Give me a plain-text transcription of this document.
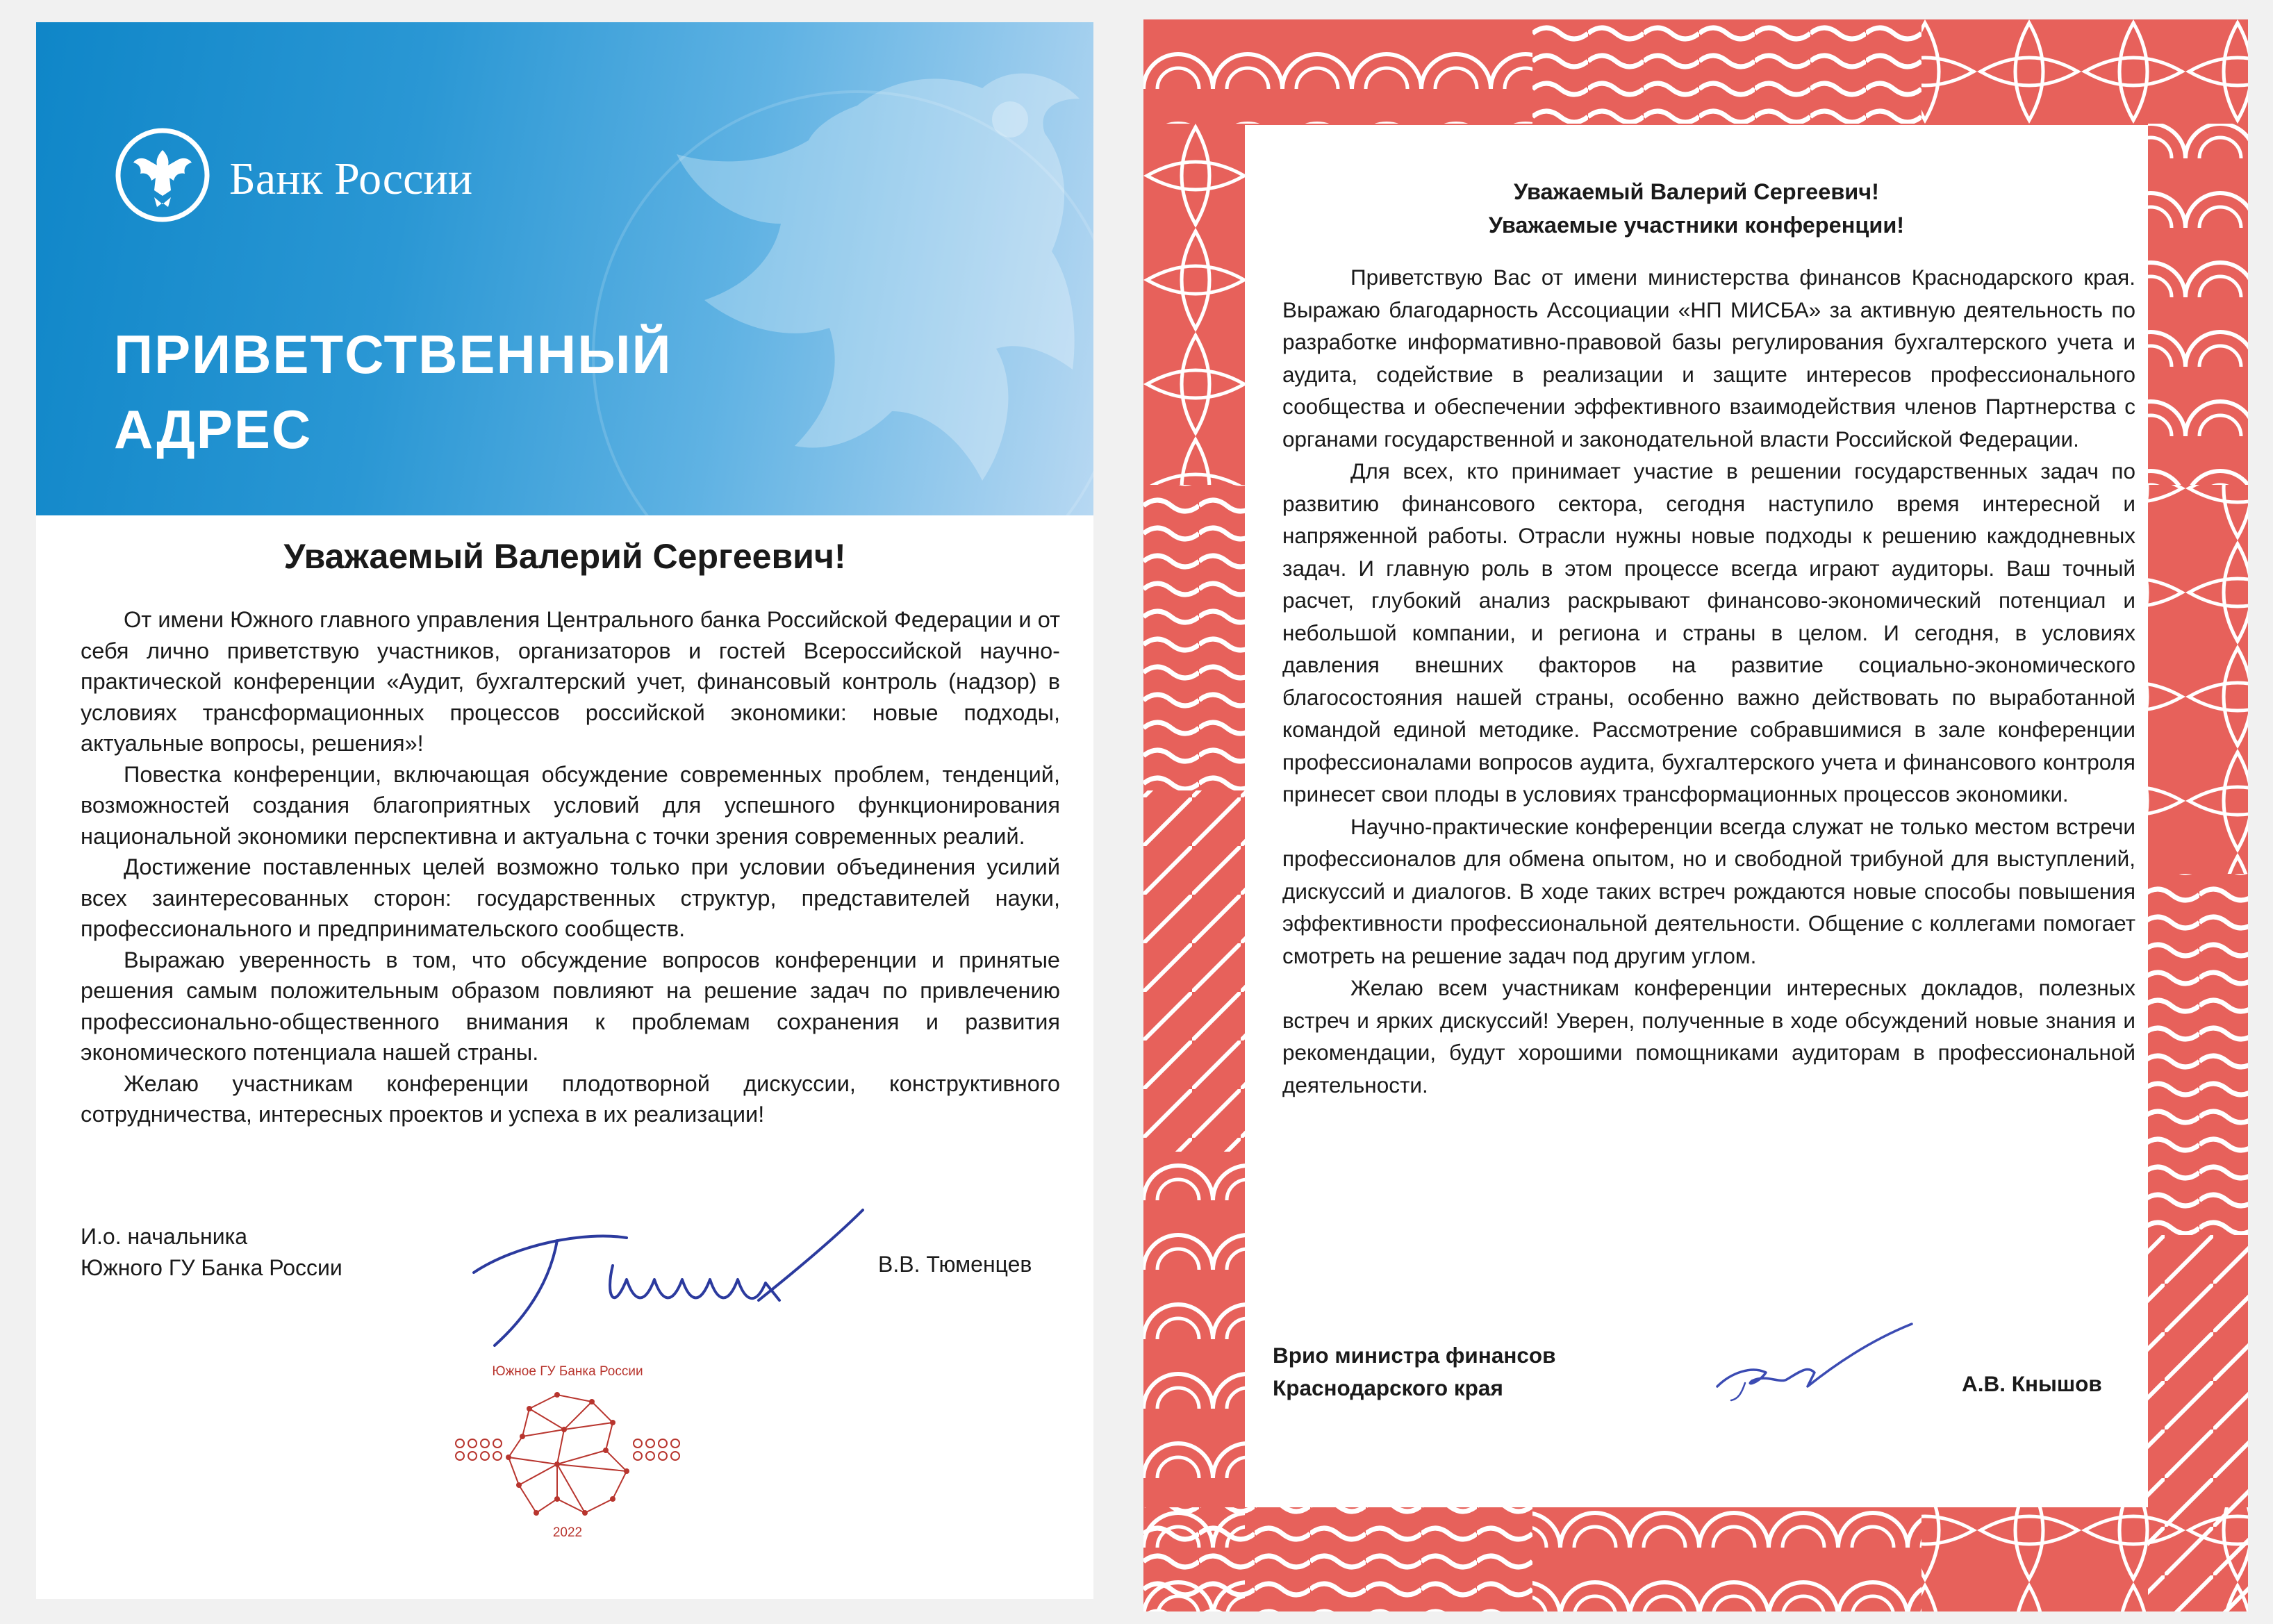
Банк России
ПРИВЕТСТВЕННЫЙ
АДРЕС
Уважаемый Валерий Сергеевич!

От имени Южного главного управления Центрального банка Российской Федерации и от себя лично приветствую участников, организаторов и гостей Всероссийской научно-практической конференции «Аудит, бухгалтерский учет, финансовый контроль (надзор) в условиях трансформационных процессов российской экономики: новые подходы, актуальные вопросы, решения»!

Повестка конференции, включающая обсуждение современных проблем, тенденций, возможностей создания благоприятных условий для успешного функционирования национальной экономики перспективна и актуальна с точки зрения современных реалий.

Достижение поставленных целей возможно только при условии объединения усилий всех заинтересованных сторон: государственных структур, представителей науки, профессионального и предпринимательского сообществ.

Выражаю уверенность в том, что обсуждение вопросов конференции и принятые решения самым положительным образом повлияют на решение задач по привлечению профессионально-общественного внимания к проблемам сохранения и развития экономического потенциала нашей страны.

Желаю участникам конференции плодотворной дискуссии, конструктивного сотрудничества, интересных проектов и успеха в их реализации!

И.о. начальника
Южного ГУ Банка России	В.В. Тюменцев
Южное ГУ Банка России
2022
Уважаемый Валерий Сергеевич!
Уважаемые участники конференции!

Приветствую Вас от имени министерства финансов Краснодарского края. Выражаю благодарность Ассоциации «НП МИСБА» за активную деятельность по разработке информативно-правовой базы регулирования бухгалтерского учета и аудита, содействие в реализации и защите интересов профессионального сообщества и обеспечении эффективного взаимодействия членов Партнерства с органами государственной и законодательной власти Российской Федерации.

Для всех, кто принимает участие в решении государственных задач по развитию финансового сектора, сегодня наступило время интересной и напряженной работы. Отрасли нужны новые подходы к решению каждодневных задач. И главную роль в этом процессе всегда играют аудиторы. Ваш точный расчет, глубокий анализ раскрывают финансово-экономический потенциал и небольшой компании, и региона и страны в целом. И сегодня, в условиях давления внешних факторов на развитие социально-экономического благосостояния нашей страны, особенно важно действовать по выработанной командой единой методике. Рассмотрение собравшимися в зале конференции профессионалами вопросов аудита, бухгалтерского учета и финансового контроля принесет свои плоды в условиях трансформационных процессов экономики.

Научно-практические конференции всегда служат не только местом встречи профессионалов для обмена опытом, но и свободной трибуной для выступлений, дискуссий и диалогов. В ходе таких встреч рождаются новые способы повышения эффективности профессиональной деятельности. Общение с коллегами помогает смотреть на решение задач под другим углом.

Желаю всем участникам конференции интересных докладов, полезных встреч и ярких дискуссий! Уверен, полученные в ходе обсуждений новые знания и рекомендации, будут хорошими помощниками аудиторам в профессиональной деятельности.

Врио министра финансов
Краснодарского края	А.В. Кнышов
